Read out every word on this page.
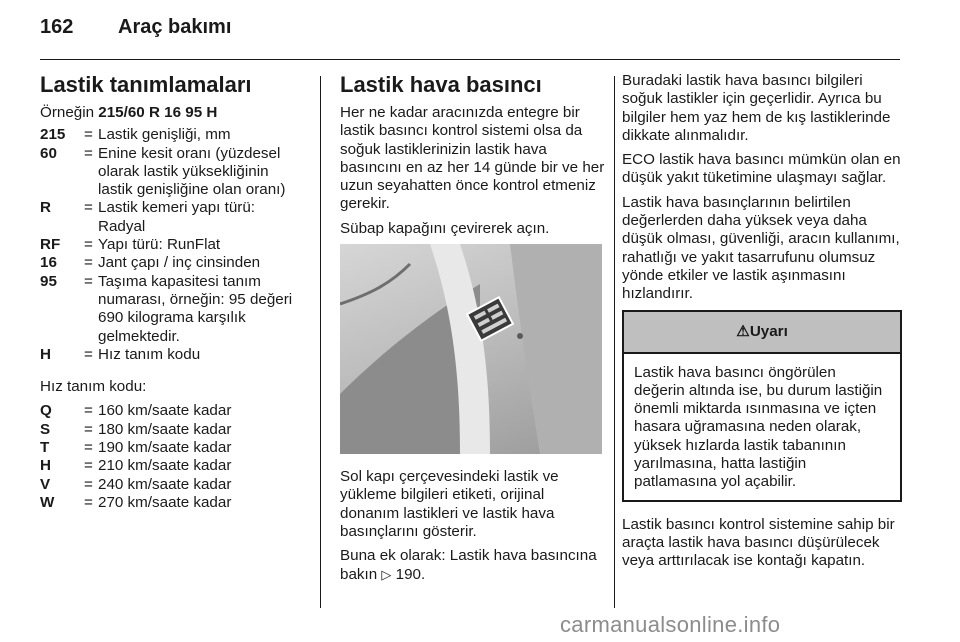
162 Araç bakımı
Lastik tanımlamaları
Örneğin 215/60 R 16 95 H
215	=	Lastik genişliği, mm
60	=	Enine kesit oranı (yüzdesel olarak lastik yüksekliğinin lastik genişliğine olan oranı)
R	=	Lastik kemeri yapı türü: Radyal
RF	=	Yapı türü: RunFlat
16	=	Jant çapı / inç cinsinden
95	=	Taşıma kapasitesi tanım numarası, örneğin: 95 değeri 690 kilograma karşılık gelmektedir.
H	=	Hız tanım kodu

Hız tanım kodu:

Q	=	160 km/saate kadar
S	=	180 km/saate kadar
T	=	190 km/saate kadar
H	=	210 km/saate kadar
V	=	240 km/saate kadar
W	=	270 km/saate kadar
Lastik hava basıncı

Her ne kadar aracınızda entegre bir lastik basıncı kontrol sistemi olsa da soğuk lastiklerinizin lastik hava basıncını en az her 14 günde bir ve her uzun seyahatten önce kontrol etmeniz gerekir.

Sübap kapağını çevirerek açın.

Sol kapı çerçevesindeki lastik ve yükleme bilgileri etiketi, orijinal donanım lastikleri ve lastik hava basınçlarını gösterir.

Buna ek olarak: Lastik hava basıncına bakın ▷ 190.

Buradaki lastik hava basıncı bilgileri soğuk lastikler için geçerlidir. Ayrıca bu bilgiler hem yaz hem de kış lastiklerinde dikkate alınmalıdır.

ECO lastik hava basıncı mümkün olan en düşük yakıt tüketimine ulaşmayı sağlar.

Lastik hava basınçlarının belirtilen değerlerden daha yüksek veya daha düşük olması, güvenliği, aracın kullanımı, rahatlığı ve yakıt tasarrufunu olumsuz yönde etkiler ve lastik aşınmasını hızlandırır.

⚠Uyarı
Lastik hava basıncı öngörülen değerin altında ise, bu durum lastiğin önemli miktarda ısınmasına ve içten hasara uğramasına neden olarak, yüksek hızlarda lastik tabanının yarılmasına, hatta lastiğin patlamasına yol açabilir.

Lastik basıncı kontrol sistemine sahip bir araçta lastik hava basıncı düşürülecek veya arttırılacak ise kontağı kapatın.

carmanualsonline.info
